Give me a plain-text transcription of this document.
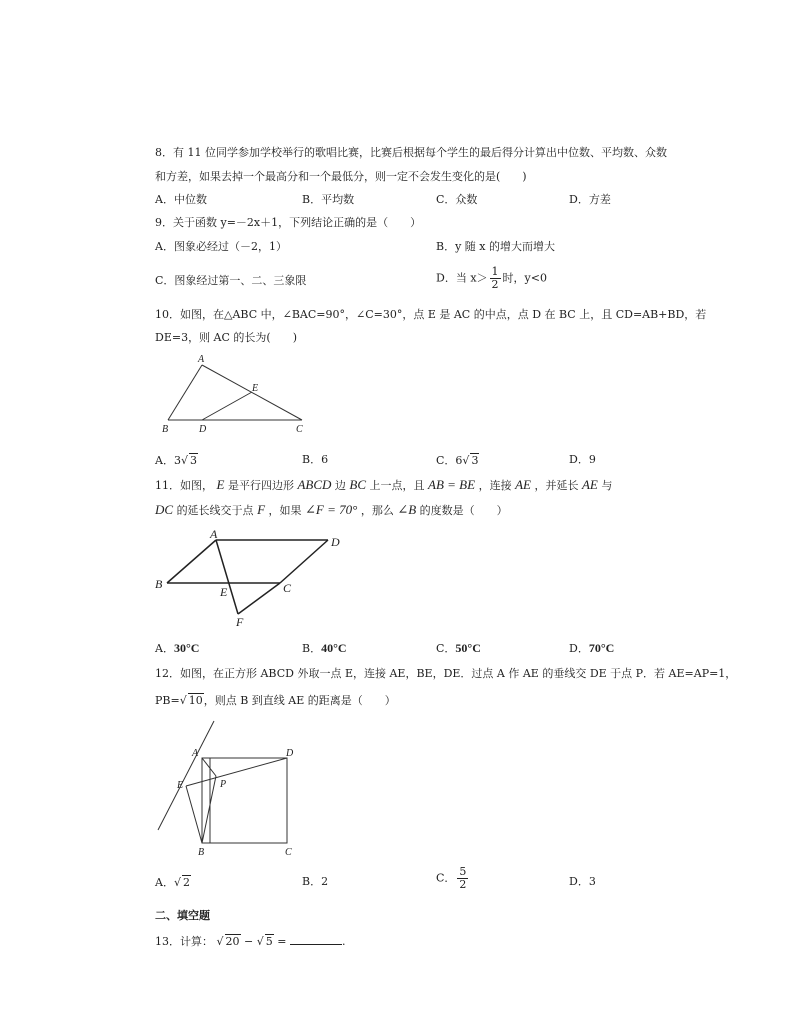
8．有 11 位同学参加学校举行的歌唱比赛，比赛后根据每个学生的最后得分计算出中位数、平均数、众数
和方差，如果去掉一个最高分和一个最低分，则一定不会发生变化的是(　　)
A．中位数	B．平均数	C．众数	D．方差
9．关于函数 y=－2x＋1，下列结论正确的是（　　）
A．图象必经过（－2，1）	B．y 随 x 的增大而增大
C．图象经过第一、二、三象限	D．当 $x> \frac{1}{2}$ 时，y<0
10．如图，在△ABC 中，∠BAC=90°，∠C=30°，点 E 是 AC 的中点，点 D 在 BC 上，且 CD=AB+BD，若
DE=3，则 AC 的长为(　　)
A
B	D	C
E
A．3√ 3	B．6	C．6√ 3	D．9
11．如图， E 是平行四边形 ABCD 边 BC 上一点，且 AB = BE ，连接 AE ，并延长 AE 与
DC 的延长线交于点 F ，如果 ∠F = 70° ，那么 ∠B 的度数是（　　）
A
D
B	C
E
F
A．30°C	B．40°C	C．50°C	D．70°C
12．如图，在正方形 ABCD 外取一点 E，连接 AE，BE，DE．过点 A 作 AE 的垂线交 DE 于点 P．若 AE=AP=1，
PB=√ 10，则点 B 到直线 AE 的距离是（　　）
A	D
E	P
B	C
A．√ 2	B．2	C． $\frac{5}{2}$	D．3
二、填空题
13．计算： √ 20 − √ 5 =	.
